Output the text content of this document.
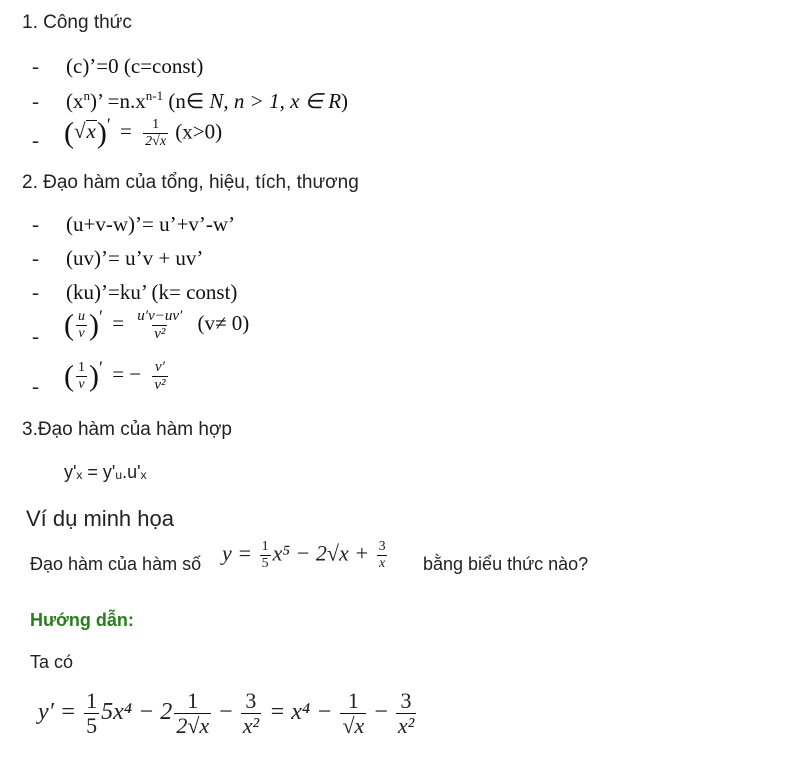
1. Công thức
- (c)’=0 (c=const)
- $(x^n)$’ $=n.x^{n-1}$ (n∈ N, n > 1, x ∈ R)
- ( √ x )$' = \frac{1}{2√x} (x>0)$
2. Đạo hàm của tổng, hiệu, tích, thương
- (u+v-w)’= u’+v’-w’
- (uv)’= u’v + uv’
- (ku)’=ku’ (k= const)
- ( $\frac{u}{v} )' = \frac{u'v-uv'}{\text{v²}} (v\ne 0)$
- ( $\frac{1}{v} )'$ = − $\frac{v'}{\text{v²}}$
3.Đạo hàm của hàm hợp
y'ₓ = y'ᵤ.u'ₓ
Ví dụ minh họa
Đạo hàm của hàm số $y = \frac{1}{5} x^5 - 2√x + \frac{3}{x}$ bằng biểu thức nào?
Hướng dẫn:
Ta có
$y' = \frac{1}{5} 5x^4 - 2 \frac{1}{2√x} - \frac{3}{\text{x²}} = x^4 - \frac{1}{√x} - \frac{3}{\text{x²}}$
